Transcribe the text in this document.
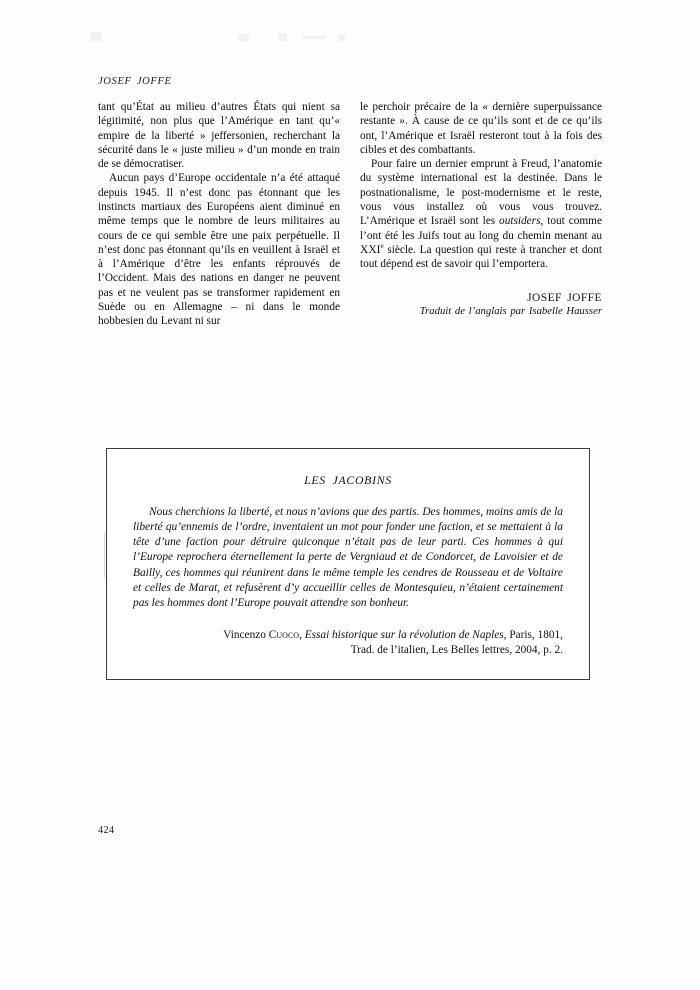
JOSEF JOFFE

tant qu’État au milieu d’autres États qui nient sa légitimité, non plus que l’Amérique en tant qu’« empire de la liberté » jeffersonien, recherchant la sécurité dans le « juste milieu » d’un monde en train de se démocratiser.

Aucun pays d’Europe occidentale n’a été attaqué depuis 1945. Il n’est donc pas étonnant que les instincts martiaux des Européens aient diminué en même temps que le nombre de leurs militaires au cours de ce qui semble être une paix perpétuelle. Il n’est donc pas étonnant qu’ils en veuillent à Israël et à l’Amérique d’être les enfants réprouvés de l’Occident. Mais des nations en danger ne peuvent pas et ne veulent pas se transformer rapidement en Suède ou en Allemagne – ni dans le monde hobbesien du Levant ni sur

le perchoir précaire de la « dernière superpuissance restante ». À cause de ce qu’ils sont et de ce qu’ils ont, l’Amérique et Israël resteront tout à la fois des cibles et des combattants.

Pour faire un dernier emprunt à Freud, l’anatomie du système international est la destinée. Dans le postnationalisme, le post-modernisme et le reste, vous vous installez où vous vous trouvez. L’Amérique et Israël sont les outsiders, tout comme l’ont été les Juifs tout au long du chemin menant au XXIe siècle. La question qui reste à trancher et dont tout dépend est de savoir qui l’emportera.

JOSEF JOFFE
Traduit de l’anglais par Isabelle Hausser
LES JACOBINS

Nous cherchions la liberté, et nous n’avions que des partis. Des hommes, moins amis de la liberté qu’ennemis de l’ordre, inventaient un mot pour fonder une faction, et se mettaient à la tête d’une faction pour détruire quiconque n’était pas de leur parti. Ces hommes à qui l’Europe reprochera éternellement la perte de Vergniaud et de Condorcet, de Lavoisier et de Bailly, ces hommes qui réunirent dans le même temple les cendres de Rousseau et de Voltaire et celles de Marat, et refusèrent d’y accueillir celles de Montesquieu, n’étaient certainement pas les hommes dont l’Europe pouvait attendre son bonheur.

Vincenzo Cuoco, Essai historique sur la révolution de Naples, Paris, 1801,
Trad. de l’italien, Les Belles lettres, 2004, p. 2.
424
